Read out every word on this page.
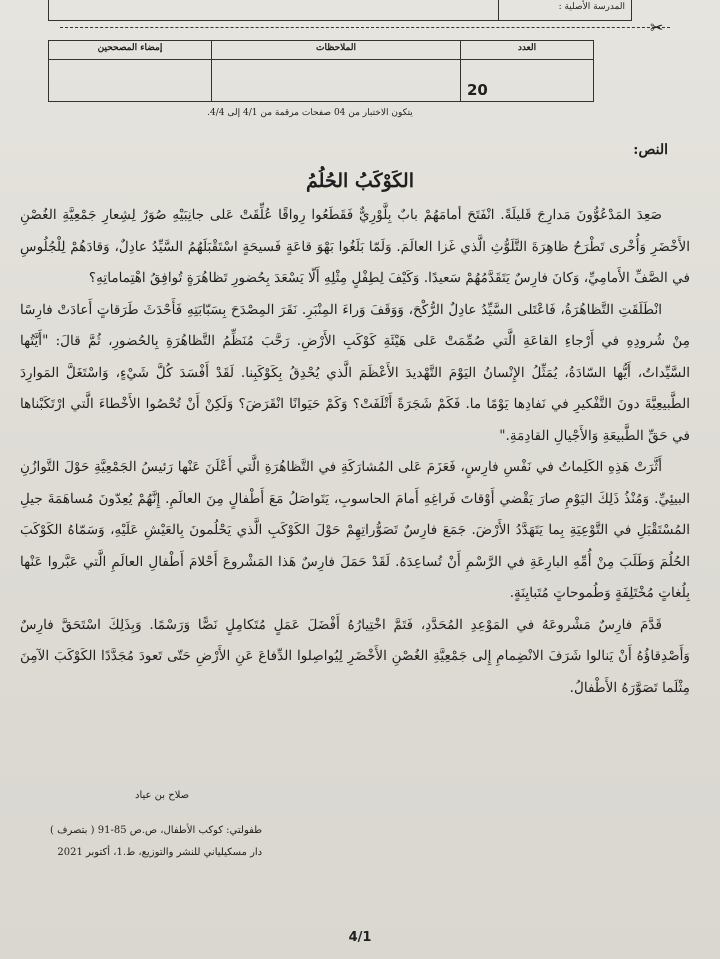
المدرسة الأصلية :
✂
العدد	الملاحظات	إمضاء المصححين
20		
يتكون الاختبار من 04 صفحات مرقمة من 4/1 إلى 4/4.
النص:
الكَوْكَبُ الحُلُمُ

صَعِدَ المَدْعُوُّونَ مَدارِجَ قَليلَةً. انْفَتَحَ أمامَهُمْ بابٌ بِلَّوْرِيٌّ فَقَطَعُوا رِواقًا عُلِّقَتْ عَلى جانِبَيْهِ صُوَرٌ لِشِعارِ جَمْعِيَّةِ الغُصْنِ الأَخْضَرِ وَأُخْرى تَطْرَحُ ظاهِرَةَ التَّلَوُّثِ الَّذي غَزا العالَمَ. وَلَمّا بَلَغُوا بَهْوَ قاعَةٍ فَسيحَةٍ اسْتَقْبَلَهُمُ السَّيِّدُ عادِلٌ، وَقادَهُمْ لِلْجُلُوسِ في الصَّفِّ الأَمامِيِّ، وَكانَ فارِسٌ يَتَقَدَّمُهُمْ سَعيدًا. وَكَيْفَ لِطِفْلٍ مِثْلِهِ أَلّا يَسْعَدَ بِحُضورِ تَظاهُرَةٍ تُوافِقُ اهْتِماماتِهِ؟

انْطَلَقَتِ التَّظاهُرَةُ، فَاعْتَلى السَّيِّدُ عادِلٌ الرُّكْحَ، وَوَقَفَ وَراءَ المِنْبَرِ. نَقَرَ المِصْدَحَ بِسَبّابَتِهِ فَأَحْدَثَ طَرَقاتٍ أَعادَتْ فارِسًا مِنْ شُرودِهِ في أَرْجاءِ القاعَةِ الَّتي صُمِّمَتْ عَلى هَيْئَةِ كَوْكَبِ الأَرْضِ. رَحَّبَ مُنَظِّمُ التَّظاهُرَةِ بِالحُضورِ، ثُمَّ قالَ: "أَيَّتُها السَّيِّداتُ، أَيُّها السّادَةُ، يُمَثِّلُ الإِنْسانُ اليَوْمَ التَّهْديدَ الأَعْظَمَ الَّذي يُحْدِقُ بِكَوْكَبِنا. لَقَدْ أَفْسَدَ كُلَّ شَيْءٍ، وَاسْتَغَلَّ المَوارِدَ الطَّبيعِيَّةَ دونَ التَّفْكيرِ في نَفادِها يَوْمًا ما. فَكَمْ شَجَرَةً أَتْلَفَتْ؟ وَكَمْ حَيَوانًا انْقَرَضَ؟ وَلَكِنْ أَنْ تُحْصُوا الأَخْطاءَ الَّتي ارْتَكَبْناها في حَقِّ الطَّبيعَةِ وَالأَجْيالِ القادِمَةِ."

أَثَّرَتْ هَذِهِ الكَلِماتُ في نَفْسِ فارِسٍ، فَعَزَمَ عَلى المُشارَكَةِ في التَّظاهُرَةِ الَّتي أَعْلَنَ عَنْها رَئيسُ الجَمْعِيَّةِ حَوْلَ التَّوازُنِ البيئِيِّ. وَمُنْذُ ذَلِكَ اليَوْمِ صارَ يَقْضي أَوْقاتَ فَراغِهِ أَمامَ الحاسوبِ، يَتَواصَلُ مَعَ أَطْفالٍ مِنَ العالَمِ. إِنَّهُمْ يُعِدّونَ مُساهَمَةَ جيلِ المُسْتَقْبَلِ في التَّوْعِيَةِ بِما يَتَهَدَّدُ الأَرْضَ. جَمَعَ فارِسٌ تَصَوُّراتِهِمْ حَوْلَ الكَوْكَبِ الَّذي يَحْلُمونَ بِالعَيْشِ عَلَيْهِ، وَسَمّاهُ الكَوْكَبَ الحُلُمَ وَطَلَبَ مِنْ أُمِّهِ البارِعَةِ في الرَّسْمِ أَنْ تُساعِدَهُ. لَقَدْ حَمَلَ فارِسٌ هَذا المَشْروعَ أَحْلامَ أَطْفالِ العالَمِ الَّتي عَبَّروا عَنْها بِلُغاتٍ مُخْتَلِفَةٍ وَطُموحاتٍ مُتَبايِنَةٍ.

قَدَّمَ فارِسٌ مَشْروعَهُ في المَوْعِدِ المُحَدَّدِ، فَتَمَّ اخْتِيارُهُ أَفْضَلَ عَمَلٍ مُتَكامِلٍ نَصًّا وَرَسْمًا. وَبِذَلِكَ اسْتَحَقَّ فارِسٌ وَأَصْدِقاؤُهُ أَنْ يَنالوا شَرَفَ الانْضِمامِ إِلى جَمْعِيَّةِ الغُصْنِ الأَخْضَرِ لِيُواصِلوا الدِّفاعَ عَنِ الأَرْضِ حَتّى تَعودَ مُجَدَّدًا الكَوْكَبَ الآمِنَ مِثْلَما تَصَوَّرَهُ الأَطْفالُ.

صلاح بن عياد
طفولتي: كوكب الأطفال، ص.ص 85-91 ( بتصرف )
دار مسكيلياني للنشر والتوزيع، ط.1، أكتوبر 2021
4/1
